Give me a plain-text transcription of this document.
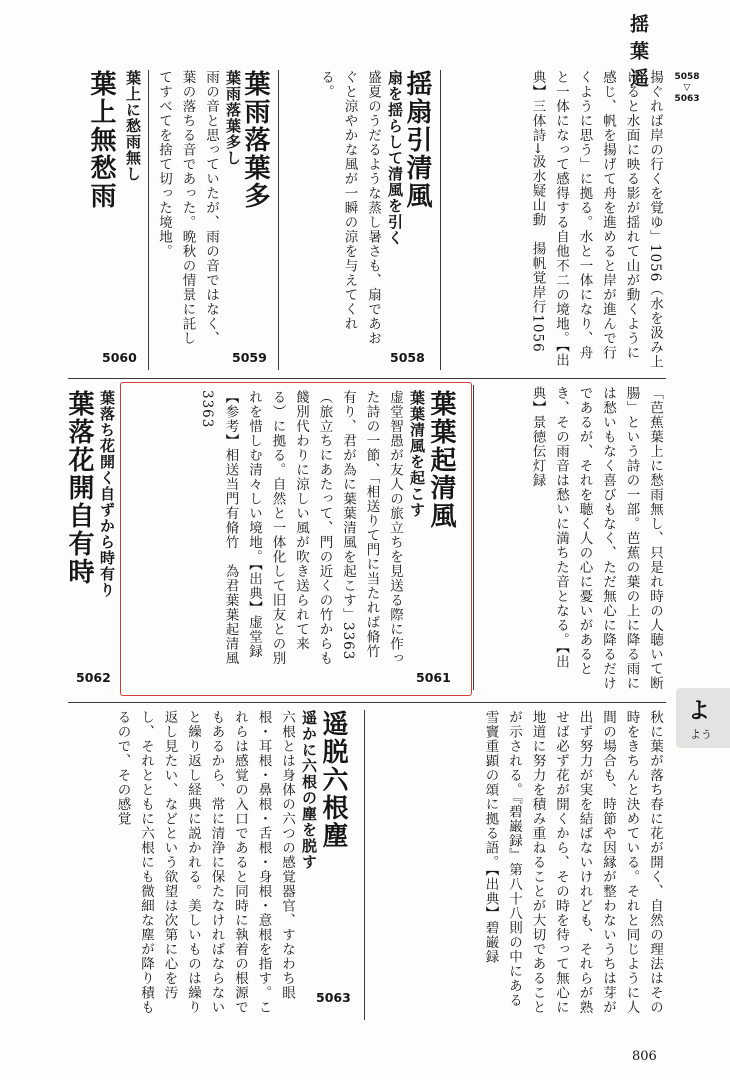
揺葉遥	5058
▽
5063
よ
よう
揚ぐれば岸の行くを覚ゆ」1056（水を汲み上げると水面に映る影が揺れて山が動くように感じ、帆を揚げて舟を進めると岸が進んで行くように思う」に拠る。水と一体になり、舟と一体になって感得する自他不二の境地。【出典】三体詩→汲水疑山動　揚帆覚岸行1056
揺扇引清風
扇を揺らして清風を引く
盛夏のうだるような蒸し暑さも、扇であおぐと涼やかな風が一瞬の涼を与えてくれる。
5058
葉雨落葉多
葉雨落葉多し
雨の音と思っていたが、雨の音ではなく、葉の落ちる音であった。晩秋の情景に託してすべてを捨て切った境地。
5059
葉上無愁雨 葉上に愁雨無し
5060
「芭蕉葉上に愁雨無し、只是れ時の人聴いて断腸」という詩の一部。芭蕉の葉の上に降る雨には愁いもなく喜びもなく、ただ無心に降るだけであるが、それを聴く人の心に憂いがあるとき、その雨音は愁いに満ちた音となる。【出典】景徳伝灯録
葉葉起清風
葉葉清風を起こす
虚堂智愚が友人の旅立ちを見送る際に作った詩の一節、「相送りて門に当たれば脩竹有り、君が為に葉葉清風を起こす」3363（旅立ちにあたって、門の近くの竹からも餞別代わりに涼しい風が吹き送られて来る）に拠る。自然と一体化して旧友との別れを惜しむ清々しい境地。【出典】虚堂録【参考】相送当門有脩竹　為君葉葉起清風3363
5061
葉落花開自有時 葉落ち花開く自ずから時有り
5062
秋に葉が落ち春に花が開く、自然の理法はその時をきちんと決めている。それと同じように人間の場合も、時節や因縁が整わないうちは芽が出ず努力が実を結ばないけれども、それらが熟せば必ず花が開くから、その時を待って無心に地道に努力を積み重ねることが大切であることが示される。『碧巌録』第八十八則の中にある雪竇重顕の頌に拠る語。【出典】碧巌録
遥脱六根塵
遥かに六根の塵を脱す
六根とは身体の六つの感覚器官、すなわち眼根・耳根・鼻根・舌根・身根・意根を指す。これらは感覚の入口であると同時に執着の根源でもあるから、常に清浄に保たなければならないと繰り返し経典に説かれる。美しいものは繰り返し見たい、などという欲望は次第に心を汚し、それとともに六根にも微細な塵が降り積もるので、その感覚
5063
806
